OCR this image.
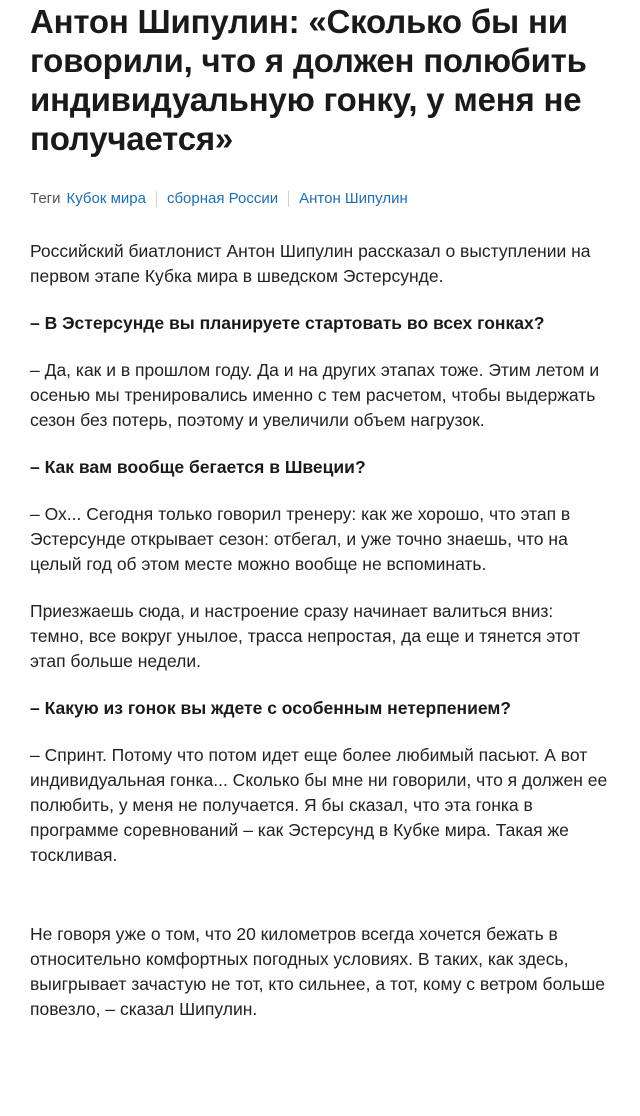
Антон Шипулин: «Сколько бы ни говорили, что я должен полюбить индивидуальную гонку, у меня не получается»
Теги Кубок мира сборная России Антон Шипулин

Российский биатлонист Антон Шипулин рассказал о выступлении на первом этапе Кубка мира в шведском Эстерсунде.

– В Эстерсунде вы планируете стартовать во всех гонках?

– Да, как и в прошлом году. Да и на других этапах тоже. Этим летом и осенью мы тренировались именно с тем расчетом, чтобы выдержать сезон без потерь, поэтому и увеличили объем нагрузок.

– Как вам вообще бегается в Швеции?

– Ох... Сегодня только говорил тренеру: как же хорошо, что этап в Эстерсунде открывает сезон: отбегал, и уже точно знаешь, что на целый год об этом месте можно вообще не вспоминать.

Приезжаешь сюда, и настроение сразу начинает валиться вниз: темно, все вокруг унылое, трасса непростая, да еще и тянется этот этап больше недели.

– Какую из гонок вы ждете с особенным нетерпением?

– Спринт. Потому что потом идет еще более любимый пасьют. А вот индивидуальная гонка... Сколько бы мне ни говорили, что я должен ее полюбить, у меня не получается. Я бы сказал, что эта гонка в программе соревнований – как Эстерсунд в Кубке мира. Такая же тоскливая.

Не говоря уже о том, что 20 километров всегда хочется бежать в относительно комфортных погодных условиях. В таких, как здесь, выигрывает зачастую не тот, кто сильнее, а тот, кому с ветром больше повезло, – сказал Шипулин.
